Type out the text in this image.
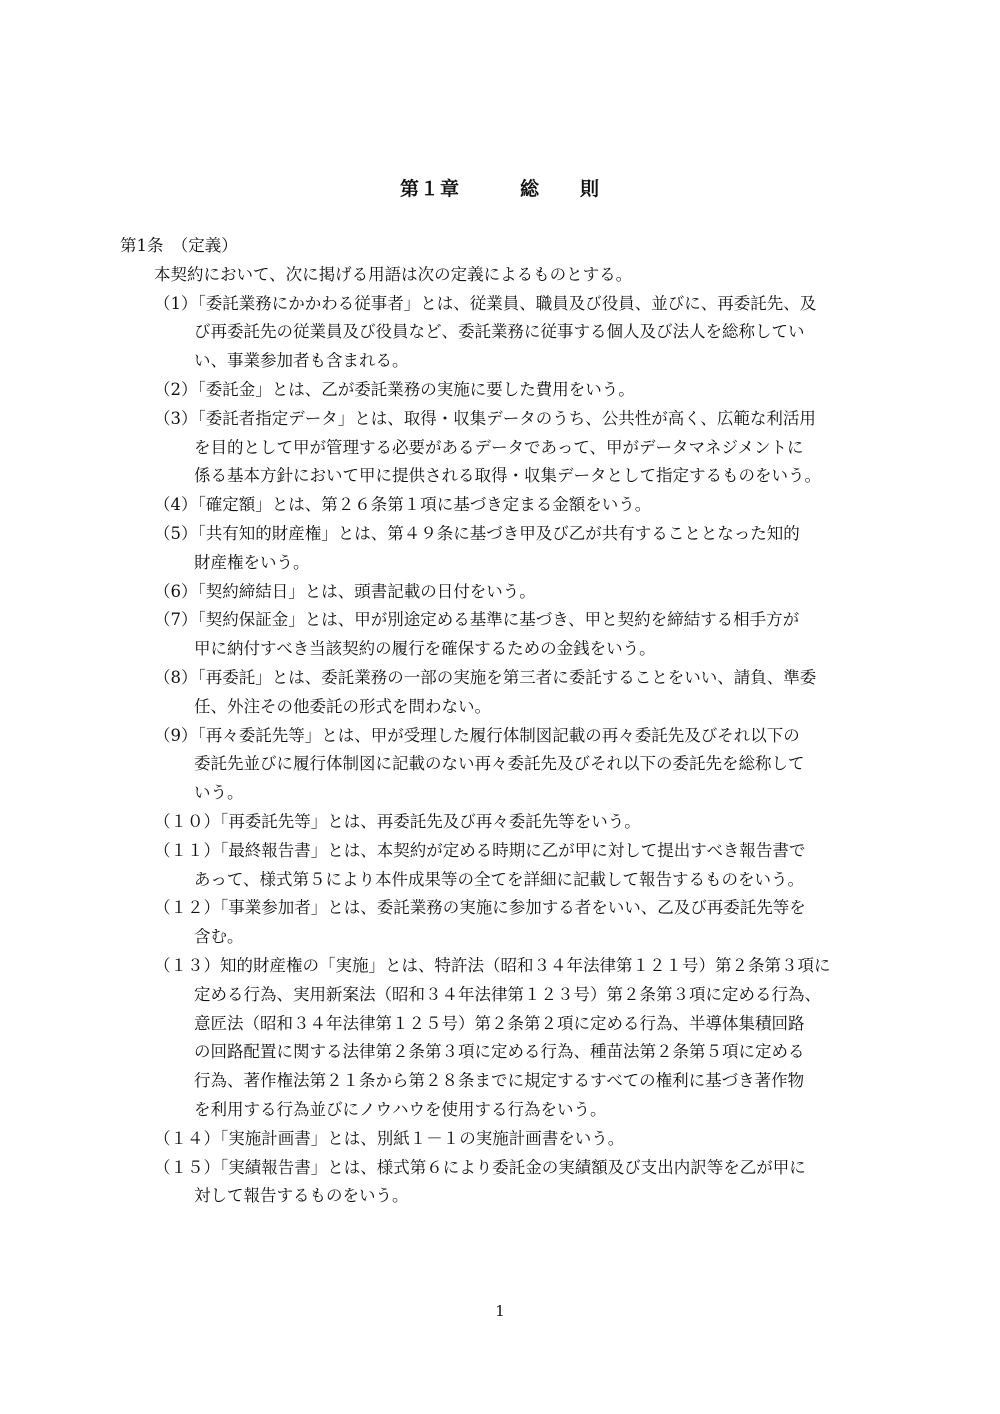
第１章　　　総　　則
第1条　（定義）
本契約において、次に掲げる用語は次の定義によるものとする。
（1）「委託業務にかかわる従事者」とは、従業員、職員及び役員、並びに、再委託先、及
び再委託先の従業員及び役員など、委託業務に従事する個人及び法人を総称してい
い、事業参加者も含まれる。
（2）「委託金」とは、乙が委託業務の実施に要した費用をいう。
（3）「委託者指定データ」とは、取得・収集データのうち、公共性が高く、広範な利活用
を目的として甲が管理する必要があるデータであって、甲がデータマネジメントに
係る基本方針において甲に提供される取得・収集データとして指定するものをいう。
（4）「確定額」とは、第２６条第１項に基づき定まる金額をいう。
（5）「共有知的財産権」とは、第４９条に基づき甲及び乙が共有することとなった知的
財産権をいう。
（6）「契約締結日」とは、頭書記載の日付をいう。
（7）「契約保証金」とは、甲が別途定める基準に基づき、甲と契約を締結する相手方が
甲に納付すべき当該契約の履行を確保するための金銭をいう。
（8）「再委託」とは、委託業務の一部の実施を第三者に委託することをいい、請負、準委
任、外注その他委託の形式を問わない。
（9）「再々委託先等」とは、甲が受理した履行体制図記載の再々委託先及びそれ以下の
委託先並びに履行体制図に記載のない再々委託先及びそれ以下の委託先を総称して
いう。
（１０）「再委託先等」とは、再委託先及び再々委託先等をいう。
（１１）「最終報告書」とは、本契約が定める時期に乙が甲に対して提出すべき報告書で
あって、様式第５により本件成果等の全てを詳細に記載して報告するものをいう。
（１２）「事業参加者」とは、委託業務の実施に参加する者をいい、乙及び再委託先等を
含む。
（１３）知的財産権の「実施」とは、特許法（昭和３４年法律第１２１号）第２条第３項に
定める行為、実用新案法（昭和３４年法律第１２３号）第２条第３項に定める行為、
意匠法（昭和３４年法律第１２５号）第２条第２項に定める行為、半導体集積回路
の回路配置に関する法律第２条第３項に定める行為、種苗法第２条第５項に定める
行為、著作権法第２１条から第２８条までに規定するすべての権利に基づき著作物
を利用する行為並びにノウハウを使用する行為をいう。
（１４）「実施計画書」とは、別紙１－１の実施計画書をいう。
（１５）「実績報告書」とは、様式第６により委託金の実績額及び支出内訳等を乙が甲に
対して報告するものをいう。
1
